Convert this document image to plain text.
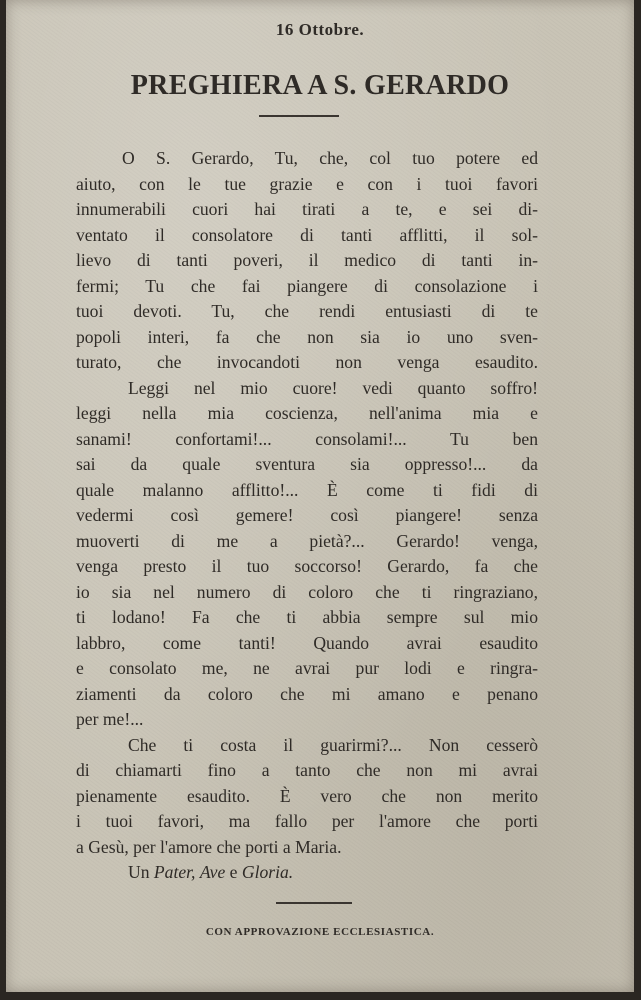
16 Ottobre.
PREGHIERA A S. GERARDO
O S. Gerardo, Tu, che, col tuo potere ed
aiuto, con le tue grazie e con i tuoi favori
innumerabili cuori hai tirati a te, e sei di-
ventato il consolatore di tanti afflitti, il sol-
lievo di tanti poveri, il medico di tanti in-
fermi; Tu che fai piangere di consolazione i
tuoi devoti. Tu, che rendi entusiasti di te
popoli interi, fa che non sia io uno sven-
turato, che invocandoti non venga esaudito.
Leggi nel mio cuore! vedi quanto soffro!
leggi nella mia coscienza, nell'anima mia e
sanami! confortami!... consolami!... Tu ben
sai da quale sventura sia oppresso!... da
quale malanno afflitto!... È come ti fidi di
vedermi così gemere! così piangere! senza
muoverti di me a pietà?... Gerardo! venga,
venga presto il tuo soccorso! Gerardo, fa che
io sia nel numero di coloro che ti ringraziano,
ti lodano! Fa che ti abbia sempre sul mio
labbro, come tanti! Quando avrai esaudito
e consolato me, ne avrai pur lodi e ringra-
ziamenti da coloro che mi amano e penano
per me!...
Che ti costa il guarirmi?... Non cesserò
di chiamarti fino a tanto che non mi avrai
pienamente esaudito. È vero che non merito
i tuoi favori, ma fallo per l'amore che porti
a Gesù, per l'amore che porti a Maria.
Un Pater, Ave e Gloria.
CON APPROVAZIONE ECCLESIASTICA.
